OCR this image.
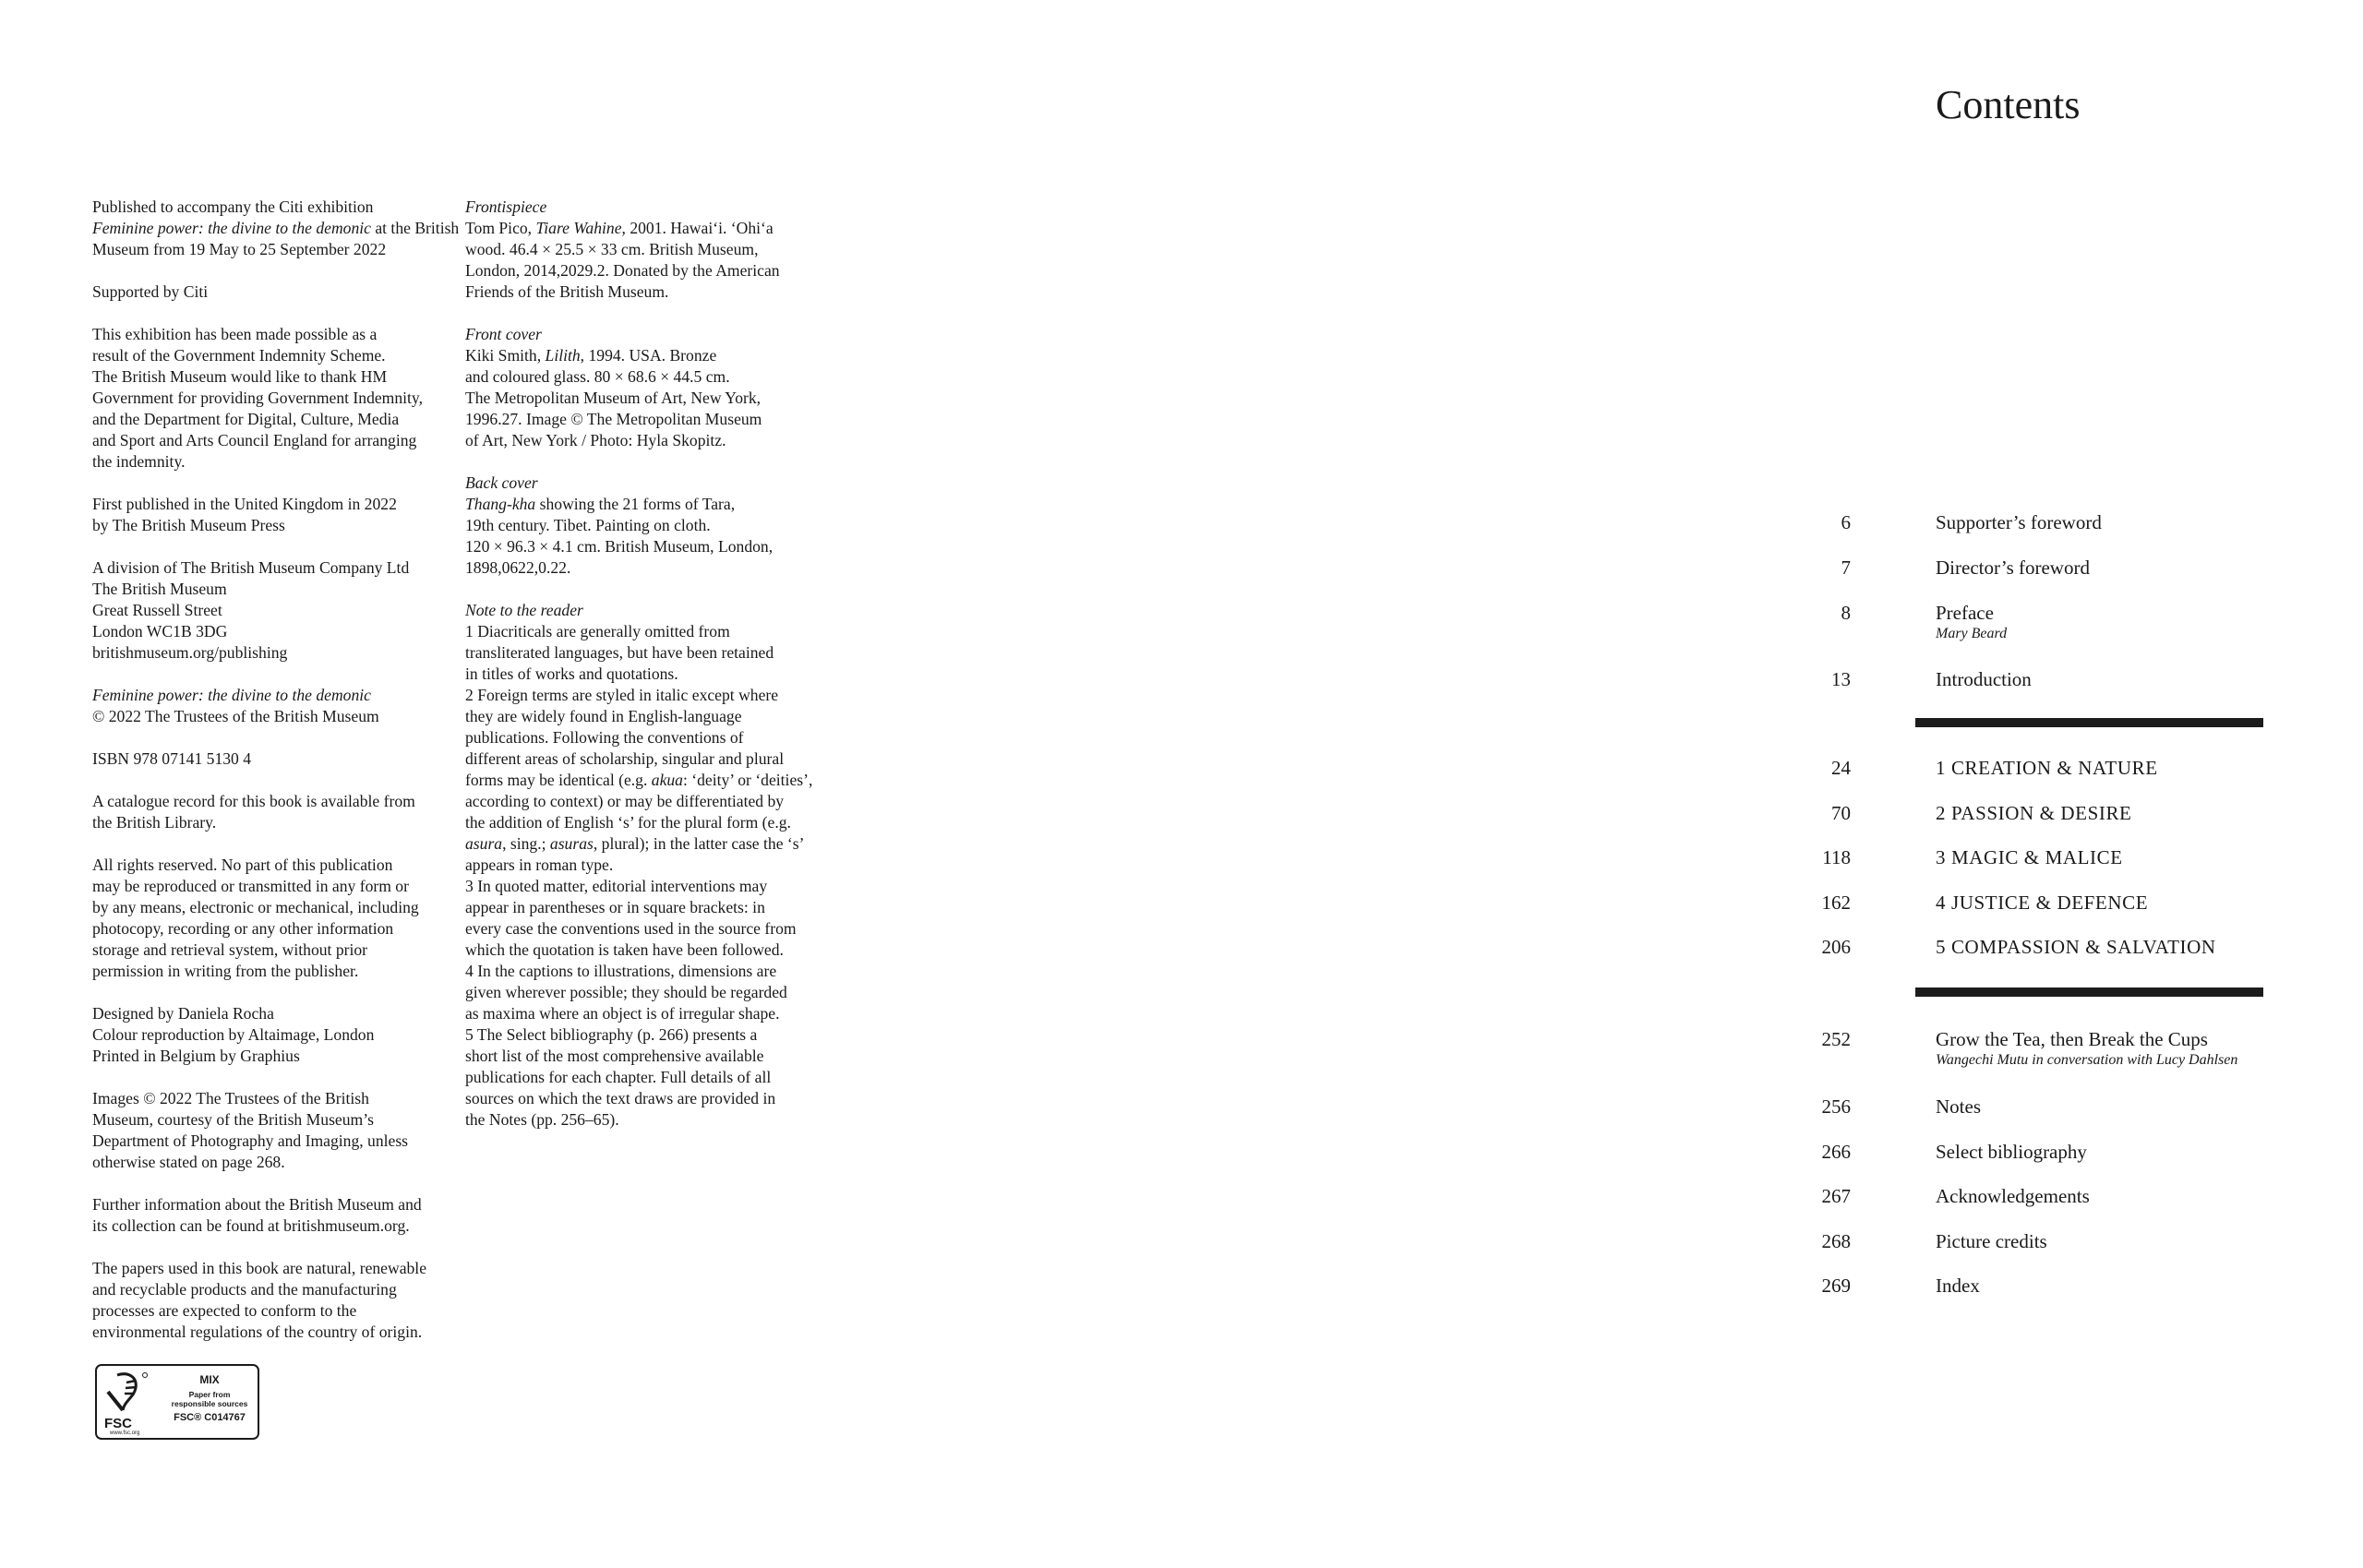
Published to accompany the Citi exhibition
Feminine power: the divine to the demonic at the British
Museum from 19 May to 25 September 2022

Supported by Citi

This exhibition has been made possible as a
result of the Government Indemnity Scheme.
The British Museum would like to thank HM
Government for providing Government Indemnity,
and the Department for Digital, Culture, Media
and Sport and Arts Council England for arranging
the indemnity.

First published in the United Kingdom in 2022
by The British Museum Press

A division of The British Museum Company Ltd
The British Museum
Great Russell Street
London WC1B 3DG
britishmuseum.org/publishing

Feminine power: the divine to the demonic
© 2022 The Trustees of the British Museum

ISBN 978 07141 5130 4

A catalogue record for this book is available from
the British Library.

All rights reserved. No part of this publication
may be reproduced or transmitted in any form or
by any means, electronic or mechanical, including
photocopy, recording or any other information
storage and retrieval system, without prior
permission in writing from the publisher.

Designed by Daniela Rocha
Colour reproduction by Altaimage, London
Printed in Belgium by Graphius

Images © 2022 The Trustees of the British
Museum, courtesy of the British Museum’s
Department of Photography and Imaging, unless
otherwise stated on page 268.

Further information about the British Museum and
its collection can be found at britishmuseum.org.

The papers used in this book are natural, renewable
and recyclable products and the manufacturing
processes are expected to conform to the
environmental regulations of the country of origin.

FSC
www.fsc.org
MIX
Paper from
responsible sources
FSC® C014767

Frontispiece
Tom Pico, Tiare Wahine, 2001. Hawai‘i. ‘Ohi‘a
wood. 46.4 × 25.5 × 33 cm. British Museum,
London, 2014,2029.2. Donated by the American
Friends of the British Museum.

Front cover
Kiki Smith, Lilith, 1994. USA. Bronze
and coloured glass. 80 × 68.6 × 44.5 cm.
The Metropolitan Museum of Art, New York,
1996.27. Image © The Metropolitan Museum
of Art, New York / Photo: Hyla Skopitz.

Back cover
Thang-kha showing the 21 forms of Tara,
19th century. Tibet. Painting on cloth.
120 × 96.3 × 4.1 cm. British Museum, London,
1898,0622,0.22.

Note to the reader
1 Diacriticals are generally omitted from
transliterated languages, but have been retained
in titles of works and quotations.
2 Foreign terms are styled in italic except where
they are widely found in English-language
publications. Following the conventions of
different areas of scholarship, singular and plural
forms may be identical (e.g. akua: ‘deity’ or ‘deities’,
according to context) or may be differentiated by
the addition of English ‘s’ for the plural form (e.g.
asura, sing.; asuras, plural); in the latter case the ‘s’
appears in roman type.
3 In quoted matter, editorial interventions may
appear in parentheses or in square brackets: in
every case the conventions used in the source from
which the quotation is taken have been followed.
4 In the captions to illustrations, dimensions are
given wherever possible; they should be regarded
as maxima where an object is of irregular shape.
5 The Select bibliography (p. 266) presents a
short list of the most comprehensive available
publications for each chapter. Full details of all
sources on which the text draws are provided in
the Notes (pp. 256–65).

Contents
6	Supporter’s foreword
7	Director’s foreword
8	Preface
Mary Beard
13	Introduction
24	1 CREATION & NATURE
70	2 PASSION & DESIRE
118	3 MAGIC & MALICE
162	4 JUSTICE & DEFENCE
206	5 COMPASSION & SALVATION
252	Grow the Tea, then Break the Cups
Wangechi Mutu in conversation with Lucy Dahlsen
256	Notes
266	Select bibliography
267	Acknowledgements
268	Picture credits
269	Index
